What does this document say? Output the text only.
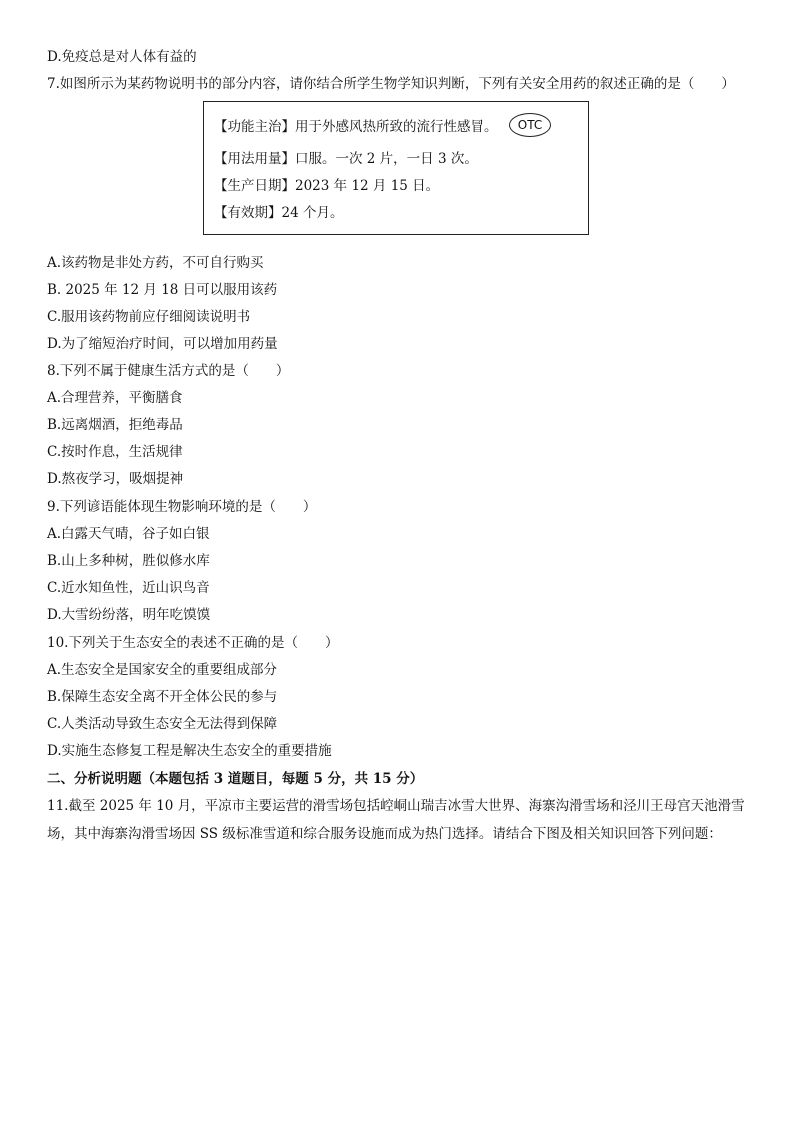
D.免疫总是对人体有益的
7.如图所示为某药物说明书的部分内容，请你结合所学生物学知识判断，下列有关安全用药的叙述正确的是（　　）
【功能主治】用于外感风热所致的流行性感冒。	OTC
【用法用量】口服。一次 2 片，一日 3 次。
【生产日期】2023 年 12 月 15 日。
【有效期】24 个月。
A.该药物是非处方药，不可自行购买
B. 2025 年 12 月 18 日可以服用该药
C.服用该药物前应仔细阅读说明书
D.为了缩短治疗时间，可以增加用药量
8.下列不属于健康生活方式的是（　　）
A.合理营养，平衡膳食
B.远离烟酒，拒绝毒品
C.按时作息，生活规律
D.熬夜学习，吸烟提神
9.下列谚语能体现生物影响环境的是（　　）
A.白露天气晴，谷子如白银
B.山上多种树，胜似修水库
C.近水知鱼性，近山识鸟音
D.大雪纷纷落，明年吃馍馍
10.下列关于生态安全的表述不正确的是（　　）
A.生态安全是国家安全的重要组成部分
B.保障生态安全离不开全体公民的参与
C.人类活动导致生态安全无法得到保障
D.实施生态修复工程是解决生态安全的重要措施
二、分析说明题（本题包括 3 道题目，每题 5 分，共 15 分）
11.截至 2025 年 10 月，平凉市主要运营的滑雪场包括崆峒山瑞吉冰雪大世界、海寨沟滑雪场和泾川王母宫天池滑雪
场，其中海寨沟滑雪场因 SS 级标准雪道和综合服务设施而成为热门选择。请结合下图及相关知识回答下列问题：
